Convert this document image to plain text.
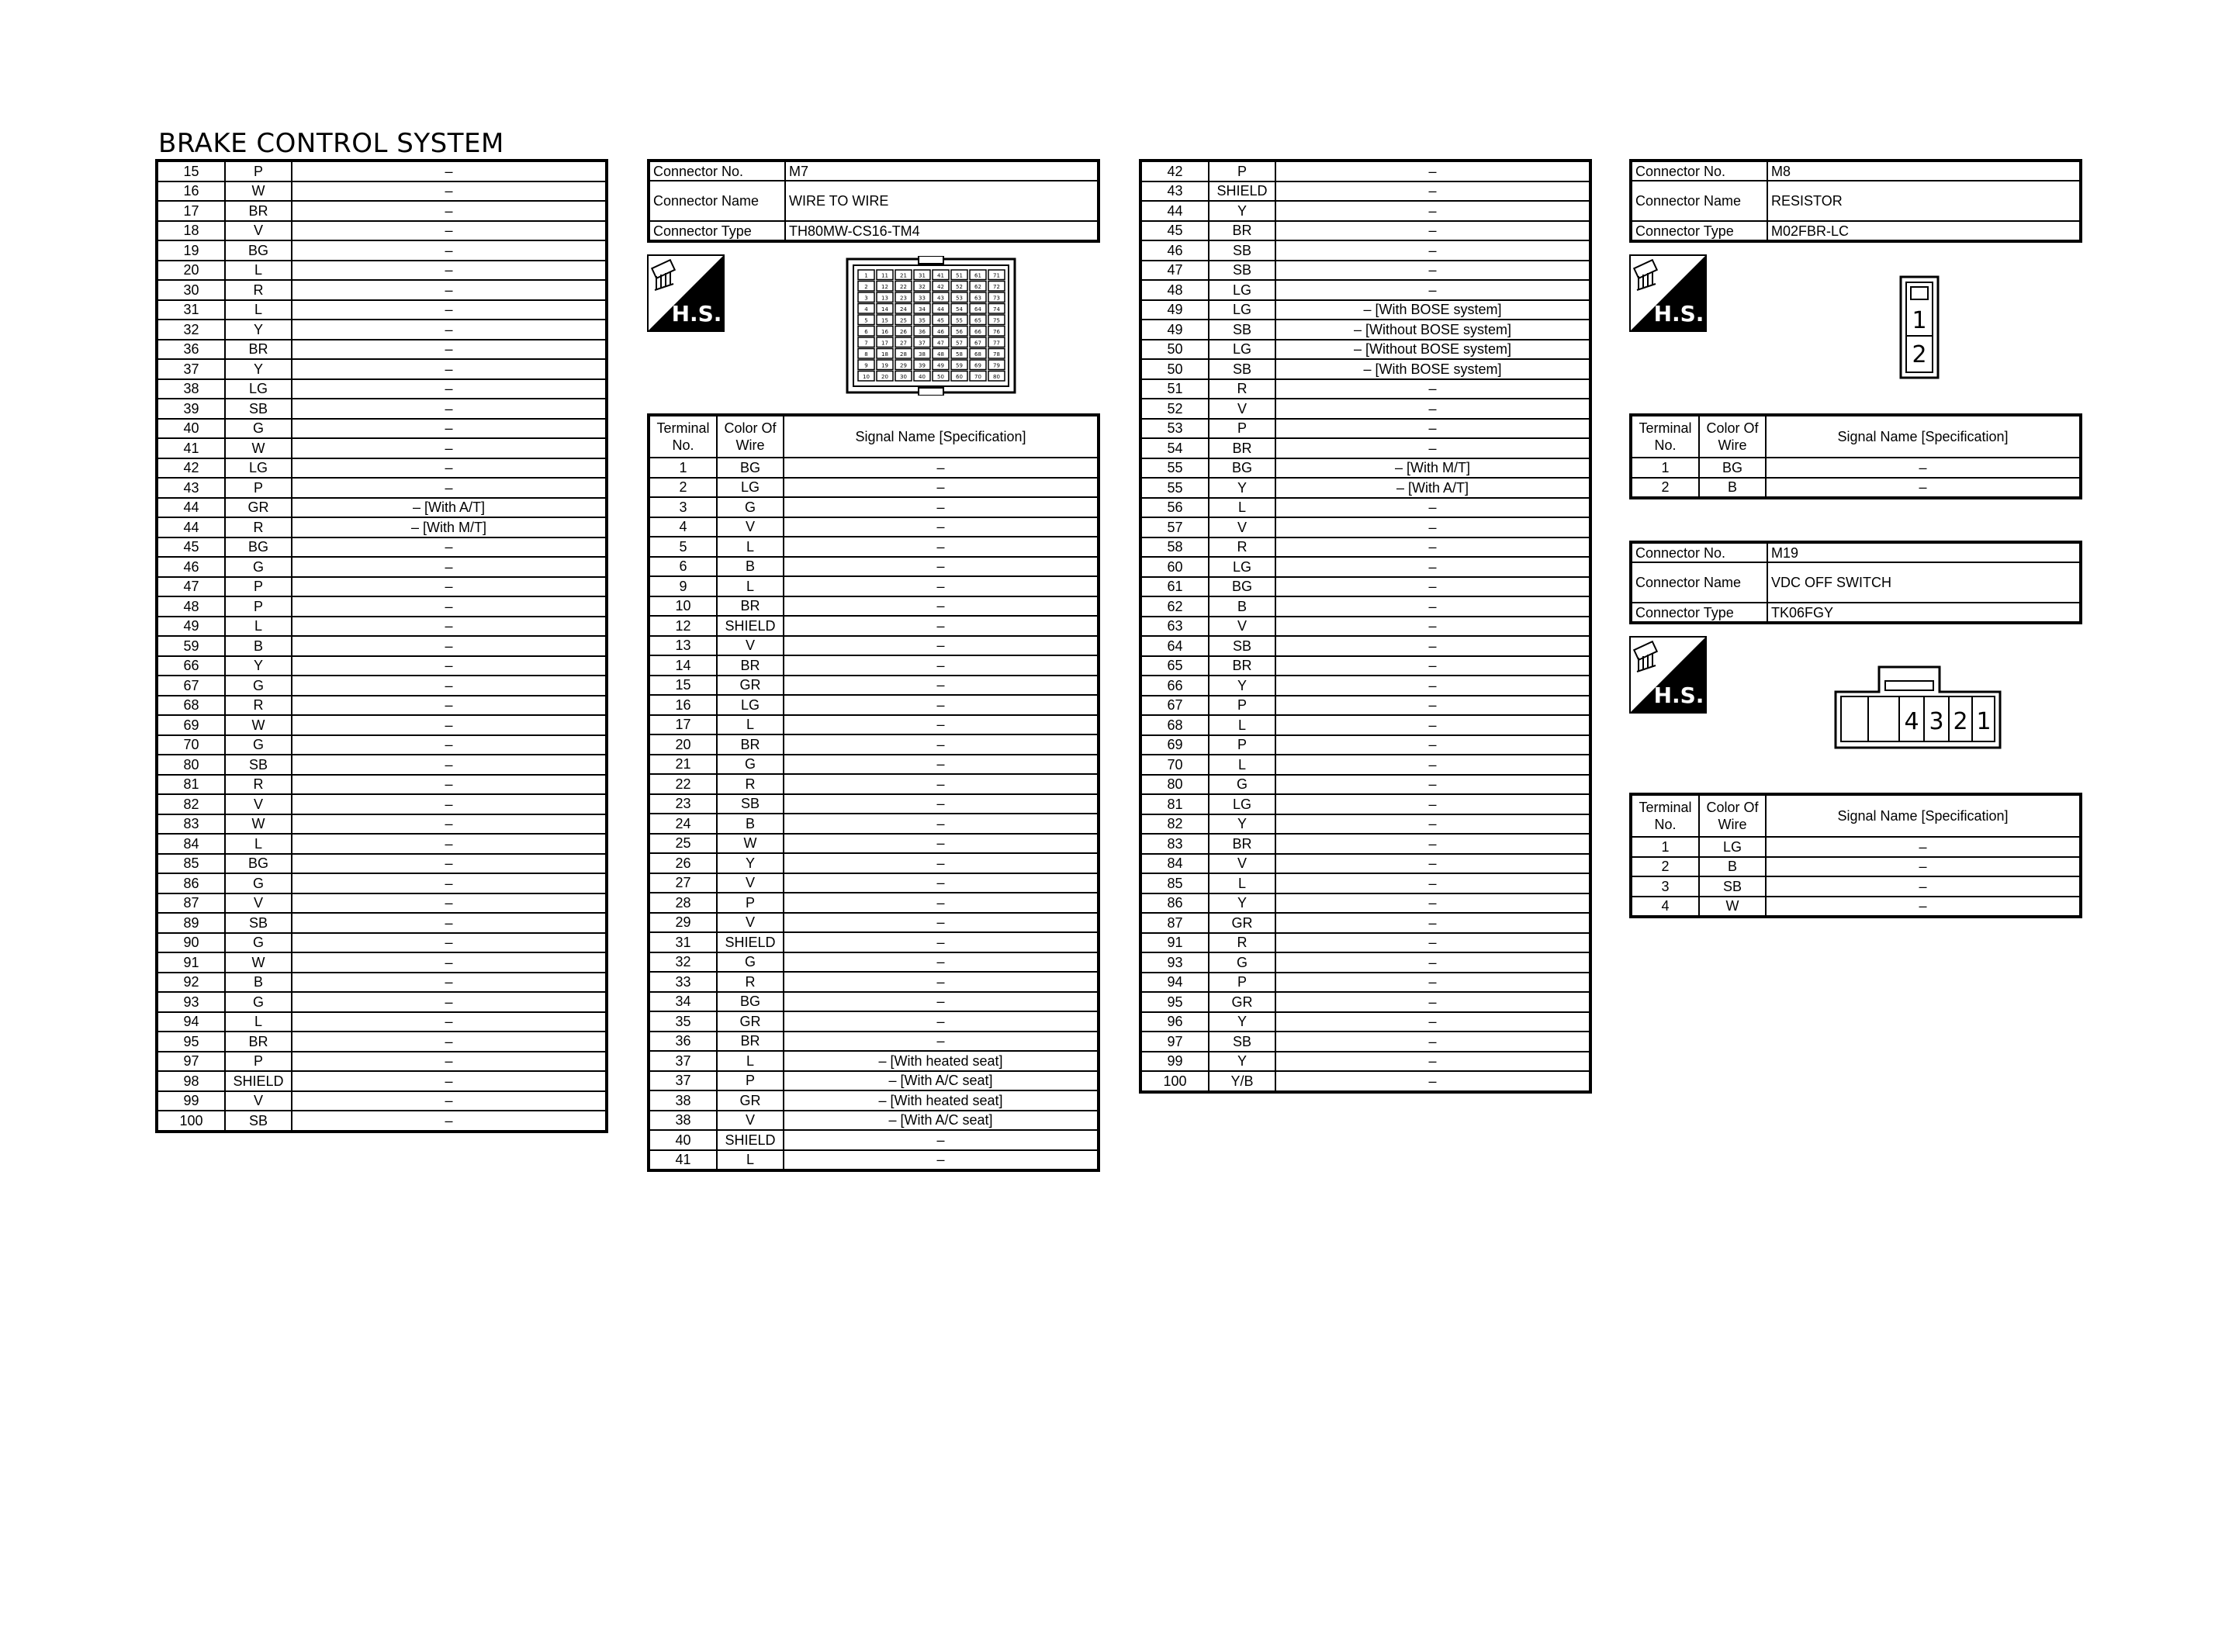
BRAKE CONTROL SYSTEM
15	P	–
16	W	–
17	BR	–
18	V	–
19	BG	–
20	L	–
30	R	–
31	L	–
32	Y	–
36	BR	–
37	Y	–
38	LG	–
39	SB	–
40	G	–
41	W	–
42	LG	–
43	P	–
44	GR	– [With A/T]
44	R	– [With M/T]
45	BG	–
46	G	–
47	P	–
48	P	–
49	L	–
59	B	–
66	Y	–
67	G	–
68	R	–
69	W	–
70	G	–
80	SB	–
81	R	–
82	V	–
83	W	–
84	L	–
85	BG	–
86	G	–
87	V	–
89	SB	–
90	G	–
91	W	–
92	B	–
93	G	–
94	L	–
95	BR	–
97	P	–
98	SHIELD	–
99	V	–
100	SB	–
Connector No.	M7
Connector Name	WIRE TO WIRE
Connector Type	TH80MW-CS16-TM4
H.S.
1
2
3
4
5
6
7
8
9
10
11
12
13
14
15
16
17
18
19
20
21
22
23
24
25
26
27
28
29
30
31
32
33
34
35
36
37
38
39
40
41
42
43
44
45
46
47
48
49
50
51
52
53
54
55
56
57
58
59
60
61
62
63
64
65
66
67
68
69
70
71
72
73
74
75
76
77
78
79
80
Terminal No.	Color Of Wire	Signal Name [Specification]
1	BG	–
2	LG	–
3	G	–
4	V	–
5	L	–
6	B	–
9	L	–
10	BR	–
12	SHIELD	–
13	V	–
14	BR	–
15	GR	–
16	LG	–
17	L	–
20	BR	–
21	G	–
22	R	–
23	SB	–
24	B	–
25	W	–
26	Y	–
27	V	–
28	P	–
29	V	–
31	SHIELD	–
32	G	–
33	R	–
34	BG	–
35	GR	–
36	BR	–
37	L	– [With heated seat]
37	P	– [With A/C seat]
38	GR	– [With heated seat]
38	V	– [With A/C seat]
40	SHIELD	–
41	L	–
42	P	–
43	SHIELD	–
44	Y	–
45	BR	–
46	SB	–
47	SB	–
48	LG	–
49	LG	– [With BOSE system]
49	SB	– [Without BOSE system]
50	LG	– [Without BOSE system]
50	SB	– [With BOSE system]
51	R	–
52	V	–
53	P	–
54	BR	–
55	BG	– [With M/T]
55	Y	– [With A/T]
56	L	–
57	V	–
58	R	–
60	LG	–
61	BG	–
62	B	–
63	V	–
64	SB	–
65	BR	–
66	Y	–
67	P	–
68	L	–
69	P	–
70	L	–
80	G	–
81	LG	–
82	Y	–
83	BR	–
84	V	–
85	L	–
86	Y	–
87	GR	–
91	R	–
93	G	–
94	P	–
95	GR	–
96	Y	–
97	SB	–
99	Y	–
100	Y/B	–
Connector No.	M8
Connector Name	RESISTOR
Connector Type	M02FBR-LC
H.S.	1
2
Terminal No.	Color Of Wire	Signal Name [Specification]
1	BG	–
2	B	–
Connector No.	M19
Connector Name	VDC OFF SWITCH
Connector Type	TK06FGY
H.S.
4 3 2 1
Terminal No.	Color Of Wire	Signal Name [Specification]
1	LG	–
2	B	–
3	SB	–
4	W	–
